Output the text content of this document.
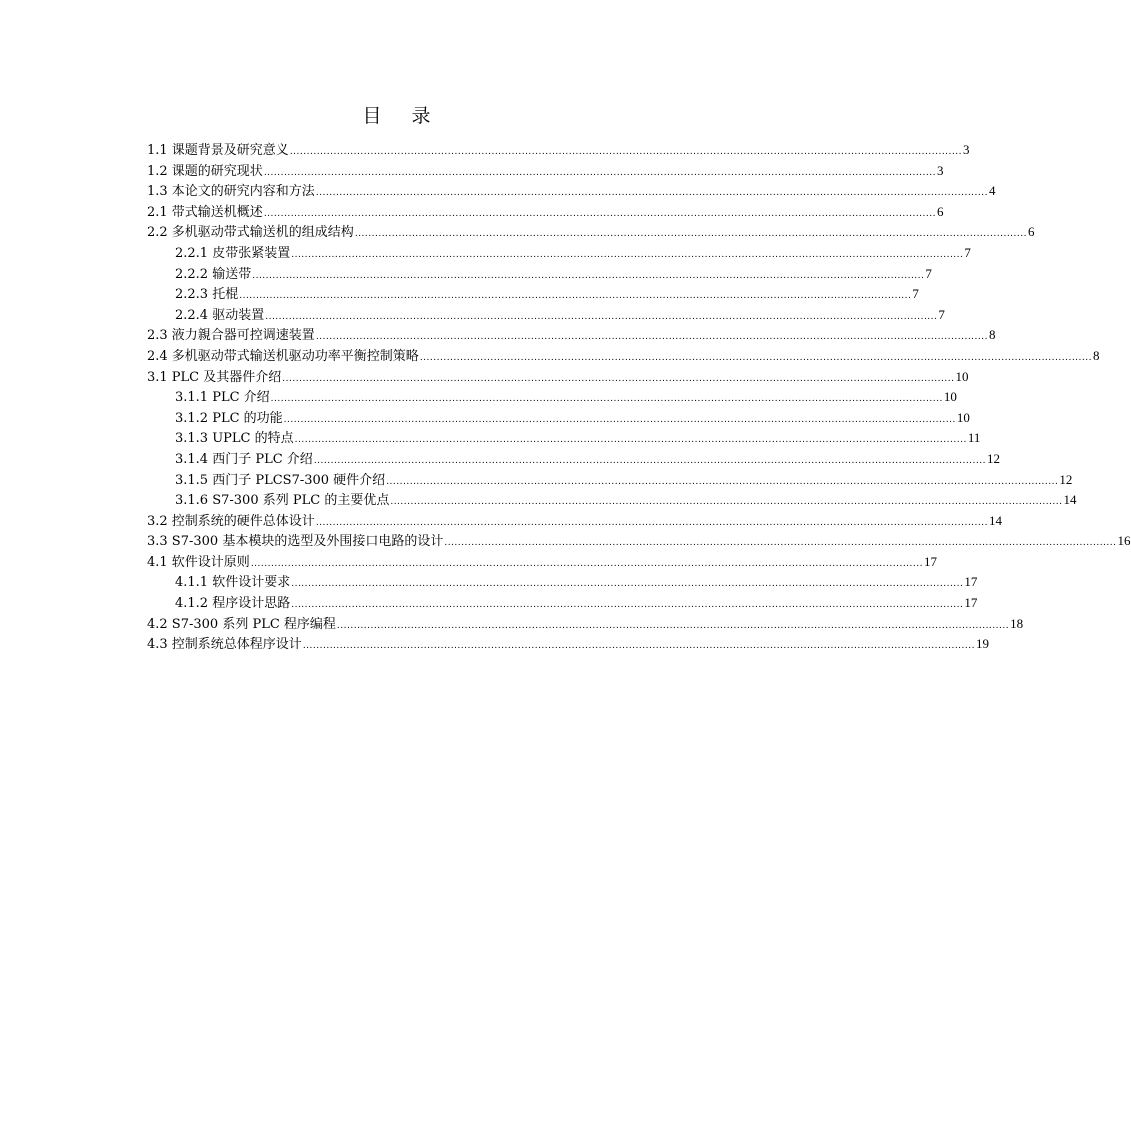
目 录
1.1 课题背景及研究意义 ........................................................................................................................................................................................................ 3
1.2 课题的研究现状 ........................................................................................................................................................................................................ 3
1.3 本论文的研究内容和方法 ........................................................................................................................................................................................................ 4
2.1 带式输送机概述 ........................................................................................................................................................................................................ 6
2.2 多机驱动带式输送机的组成结构 ........................................................................................................................................................................................................ 6
2.2.1 皮带张紧装置 ........................................................................................................................................................................................................ 7
2.2.2 输送带 ........................................................................................................................................................................................................ 7
2.2.3 托棍 ........................................................................................................................................................................................................ 7
2.2.4 驱动装置 ........................................................................................................................................................................................................ 7
2.3 液力親合器可控调速装置 ........................................................................................................................................................................................................ 8
2.4 多机驱动带式输送机驱动功率平衡控制策略 ........................................................................................................................................................................................................ 8
3.1 PLC 及其器件介绍 ........................................................................................................................................................................................................ 10
3.1.1 PLC 介绍 ........................................................................................................................................................................................................ 10
3.1.2 PLC 的功能 ........................................................................................................................................................................................................ 10
3.1.3 UPLC 的特点 ........................................................................................................................................................................................................ 11
3.1.4 西门子 PLC 介绍 ........................................................................................................................................................................................................ 12
3.1.5 西门子 PLCS7-300 硬件介绍 ........................................................................................................................................................................................................ 12
3.1.6 S7-300 系列 PLC 的主要优点 ........................................................................................................................................................................................................ 14
3.2 控制系统的硬件总体设计 ........................................................................................................................................................................................................ 14
3.3 S7-300 基本模块的选型及外围接口电路的设计 ........................................................................................................................................................................................................ 16
4.1 软件设计原则 ........................................................................................................................................................................................................ 17
4.1.1 软件设计要求 ........................................................................................................................................................................................................ 17
4.1.2 程序设计思路 ........................................................................................................................................................................................................ 17
4.2 S7-300 系列 PLC 程序编程 ........................................................................................................................................................................................................ 18
4.3 控制系统总体程序设计 ........................................................................................................................................................................................................ 19
